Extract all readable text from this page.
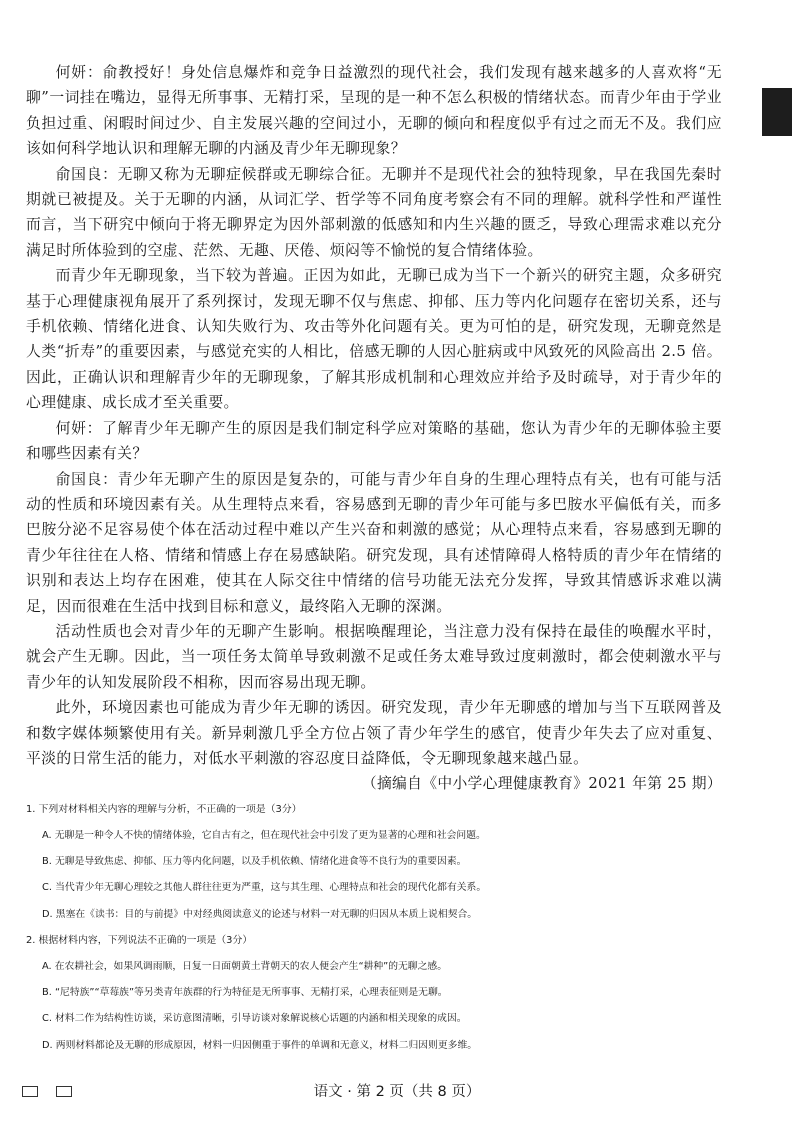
何妍：俞教授好！身处信息爆炸和竞争日益激烈的现代社会，我们发现有越来越多的人喜欢将“无聊”一词挂在嘴边，显得无所事事、无精打采，呈现的是一种不怎么积极的情绪状态。而青少年由于学业负担过重、闲暇时间过少、自主发展兴趣的空间过小，无聊的倾向和程度似乎有过之而无不及。我们应该如何科学地认识和理解无聊的内涵及青少年无聊现象？

俞国良：无聊又称为无聊症候群或无聊综合征。无聊并不是现代社会的独特现象，早在我国先秦时期就已被提及。关于无聊的内涵，从词汇学、哲学等不同角度考察会有不同的理解。就科学性和严谨性而言，当下研究中倾向于将无聊界定为因外部刺激的低感知和内生兴趣的匮乏，导致心理需求难以充分满足时所体验到的空虚、茫然、无趣、厌倦、烦闷等不愉悦的复合情绪体验。

而青少年无聊现象，当下较为普遍。正因为如此，无聊已成为当下一个新兴的研究主题，众多研究基于心理健康视角展开了系列探讨，发现无聊不仅与焦虑、抑郁、压力等内化问题存在密切关系，还与手机依赖、情绪化进食、认知失败行为、攻击等外化问题有关。更为可怕的是，研究发现，无聊竟然是人类“折寿”的重要因素，与感觉充实的人相比，倍感无聊的人因心脏病或中风致死的风险高出 2.5 倍。因此，正确认识和理解青少年的无聊现象，了解其形成机制和心理效应并给予及时疏导，对于青少年的心理健康、成长成才至关重要。

何妍：了解青少年无聊产生的原因是我们制定科学应对策略的基础，您认为青少年的无聊体验主要和哪些因素有关？

俞国良：青少年无聊产生的原因是复杂的，可能与青少年自身的生理心理特点有关，也有可能与活动的性质和环境因素有关。从生理特点来看，容易感到无聊的青少年可能与多巴胺水平偏低有关，而多巴胺分泌不足容易使个体在活动过程中难以产生兴奋和刺激的感觉；从心理特点来看，容易感到无聊的青少年往往在人格、情绪和情感上存在易感缺陷。研究发现，具有述情障碍人格特质的青少年在情绪的识别和表达上均存在困难，使其在人际交往中情绪的信号功能无法充分发挥，导致其情感诉求难以满足，因而很难在生活中找到目标和意义，最终陷入无聊的深渊。

活动性质也会对青少年的无聊产生影响。根据唤醒理论，当注意力没有保持在最佳的唤醒水平时，就会产生无聊。因此，当一项任务太简单导致刺激不足或任务太难导致过度刺激时，都会使刺激水平与青少年的认知发展阶段不相称，因而容易出现无聊。

此外，环境因素也可能成为青少年无聊的诱因。研究发现，青少年无聊感的增加与当下互联网普及和数字媒体频繁使用有关。新异刺激几乎全方位占领了青少年学生的感官，使青少年失去了应对重复、平淡的日常生活的能力，对低水平刺激的容忍度日益降低，令无聊现象越来越凸显。

（摘编自《中小学心理健康教育》2021 年第 25 期）

1. 下列对材料相关内容的理解与分析，不正确的一项是（3分）

A. 无聊是一种令人不快的情绪体验，它自古有之，但在现代社会中引发了更为显著的心理和社会问题。

B. 无聊是导致焦虑、抑郁、压力等内化问题，以及手机依赖、情绪化进食等不良行为的重要因素。

C. 当代青少年无聊心理较之其他人群往往更为严重，这与其生理、心理特点和社会的现代化都有关系。

D. 黑塞在《读书：目的与前提》中对经典阅读意义的论述与材料一对无聊的归因从本质上说相契合。

2. 根据材料内容，下列说法不正确的一项是（3分）

A. 在农耕社会，如果风调雨顺，日复一日面朝黄土背朝天的农人便会产生“耕种”的无聊之感。

B. “尼特族”“草莓族”等另类青年族群的行为特征是无所事事、无精打采，心理表征则是无聊。

C. 材料二作为结构性访谈，采访意图清晰，引导访谈对象解说核心话题的内涵和相关现象的成因。

D. 两则材料都论及无聊的形成原因，材料一归因侧重于事件的单调和无意义，材料二归因则更多维。

语文 · 第 2 页（共 8 页）
